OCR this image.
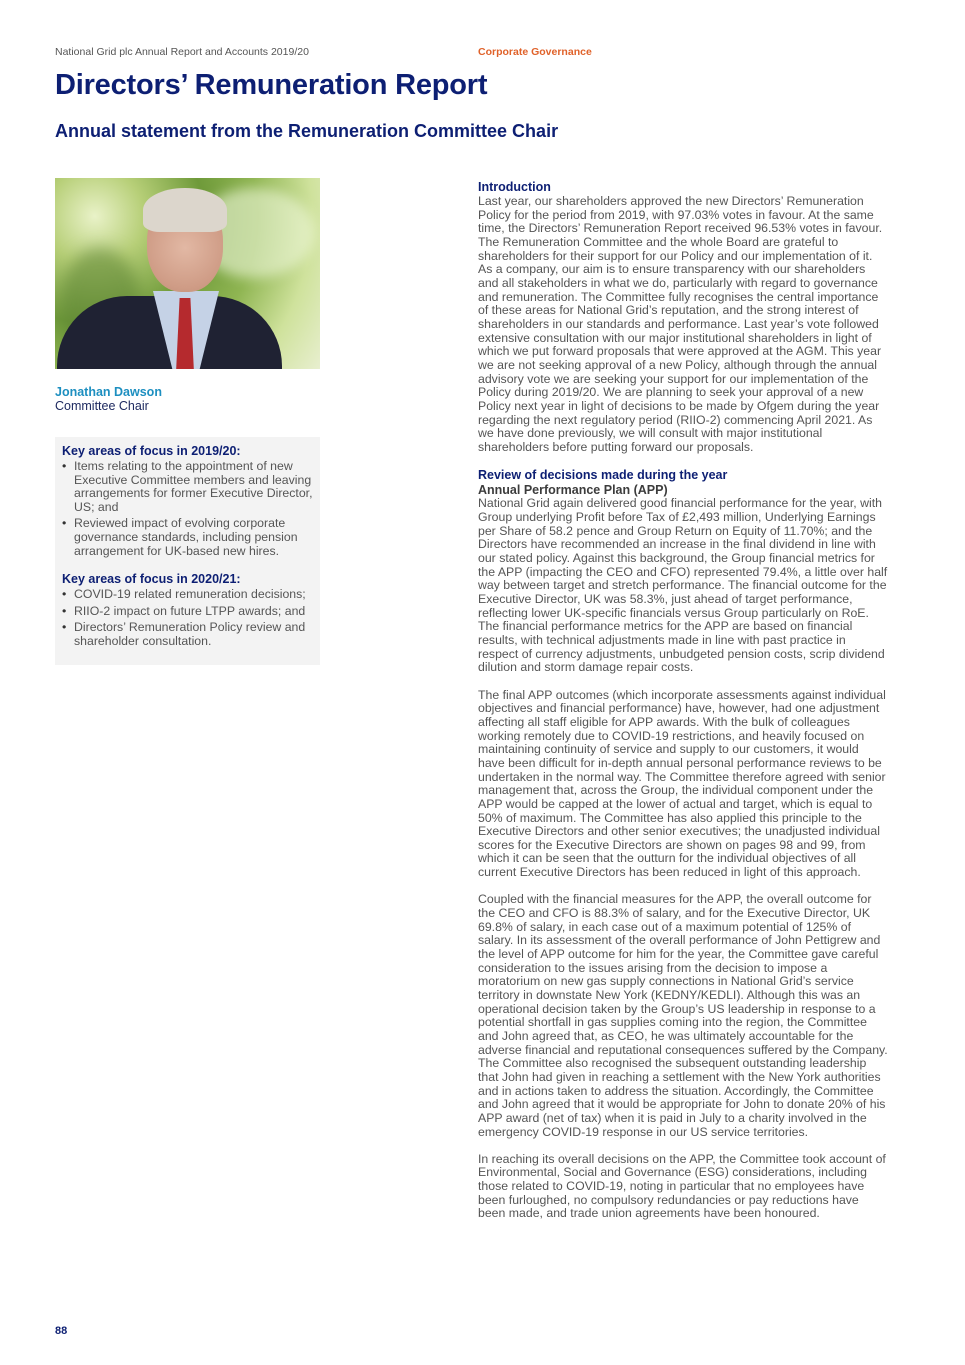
National Grid plc Annual Report and Accounts 2019/20	Corporate Governance
Directors’ Remuneration Report
Annual statement from the Remuneration Committee Chair
Jonathan Dawson
Committee Chair
Key areas of focus in 2019/20:
• Items relating to the appointment of new Executive Committee members and leaving arrangements for former Executive Director, US; and
• Reviewed impact of evolving corporate governance standards, including pension arrangement for UK-based new hires.
Key areas of focus in 2020/21:
• COVID-19 related remuneration decisions;
• RIIO-2 impact on future LTPP awards; and
• Directors’ Remuneration Policy review and shareholder consultation.
Introduction

Last year, our shareholders approved the new Directors’ Remuneration Policy for the period from 2019, with 97.03% votes in favour. At the same time, the Directors’ Remuneration Report received 96.53% votes in favour. The Remuneration Committee and the whole Board are grateful to shareholders for their support for our Policy and our implementation of it. As a company, our aim is to ensure transparency with our shareholders and all stakeholders in what we do, particularly with regard to governance and remuneration. The Committee fully recognises the central importance of these areas for National Grid’s reputation, and the strong interest of shareholders in our standards and performance. Last year’s vote followed extensive consultation with our major institutional shareholders in light of which we put forward proposals that were approved at the AGM. This year we are not seeking approval of a new Policy, although through the annual advisory vote we are seeking your support for our implementation of the Policy during 2019/20. We are planning to seek your approval of a new Policy next year in light of decisions to be made by Ofgem during the year regarding the next regulatory period (RIIO-2) commencing April 2021. As we have done previously, we will consult with major institutional shareholders before putting forward our proposals.

Review of decisions made during the year
Annual Performance Plan (APP)

National Grid again delivered good financial performance for the year, with Group underlying Profit before Tax of £2,493 million, Underlying Earnings per Share of 58.2 pence and Group Return on Equity of 11.70%; and the Directors have recommended an increase in the final dividend in line with our stated policy. Against this background, the Group financial metrics for the APP (impacting the CEO and CFO) represented 79.4%, a little over half way between target and stretch performance. The financial outcome for the Executive Director, UK was 58.3%, just ahead of target performance, reflecting lower UK-specific financials versus Group particularly on RoE. The financial performance metrics for the APP are based on financial results, with technical adjustments made in line with past practice in respect of currency adjustments, unbudgeted pension costs, scrip dividend dilution and storm damage repair costs.

The final APP outcomes (which incorporate assessments against individual objectives and financial performance) have, however, had one adjustment affecting all staff eligible for APP awards. With the bulk of colleagues working remotely due to COVID-19 restrictions, and heavily focused on maintaining continuity of service and supply to our customers, it would have been difficult for in-depth annual personal performance reviews to be undertaken in the normal way. The Committee therefore agreed with senior management that, across the Group, the individual component under the APP would be capped at the lower of actual and target, which is equal to 50% of maximum. The Committee has also applied this principle to the Executive Directors and other senior executives; the unadjusted individual scores for the Executive Directors are shown on pages 98 and 99, from which it can be seen that the outturn for the individual objectives of all current Executive Directors has been reduced in light of this approach.

Coupled with the financial measures for the APP, the overall outcome for the CEO and CFO is 88.3% of salary, and for the Executive Director, UK 69.8% of salary, in each case out of a maximum potential of 125% of salary. In its assessment of the overall performance of John Pettigrew and the level of APP outcome for him for the year, the Committee gave careful consideration to the issues arising from the decision to impose a moratorium on new gas supply connections in National Grid’s service territory in downstate New York (KEDNY/KEDLI). Although this was an operational decision taken by the Group’s US leadership in response to a potential shortfall in gas supplies coming into the region, the Committee and John agreed that, as CEO, he was ultimately accountable for the adverse financial and reputational consequences suffered by the Company. The Committee also recognised the subsequent outstanding leadership that John had given in reaching a settlement with the New York authorities and in actions taken to address the situation. Accordingly, the Committee and John agreed that it would be appropriate for John to donate 20% of his APP award (net of tax) when it is paid in July to a charity involved in the emergency COVID-19 response in our US service territories.

In reaching its overall decisions on the APP, the Committee took account of Environmental, Social and Governance (ESG) considerations, including those related to COVID-19, noting in particular that no employees have been furloughed, no compulsory redundancies or pay reductions have been made, and trade union agreements have been honoured.

88
